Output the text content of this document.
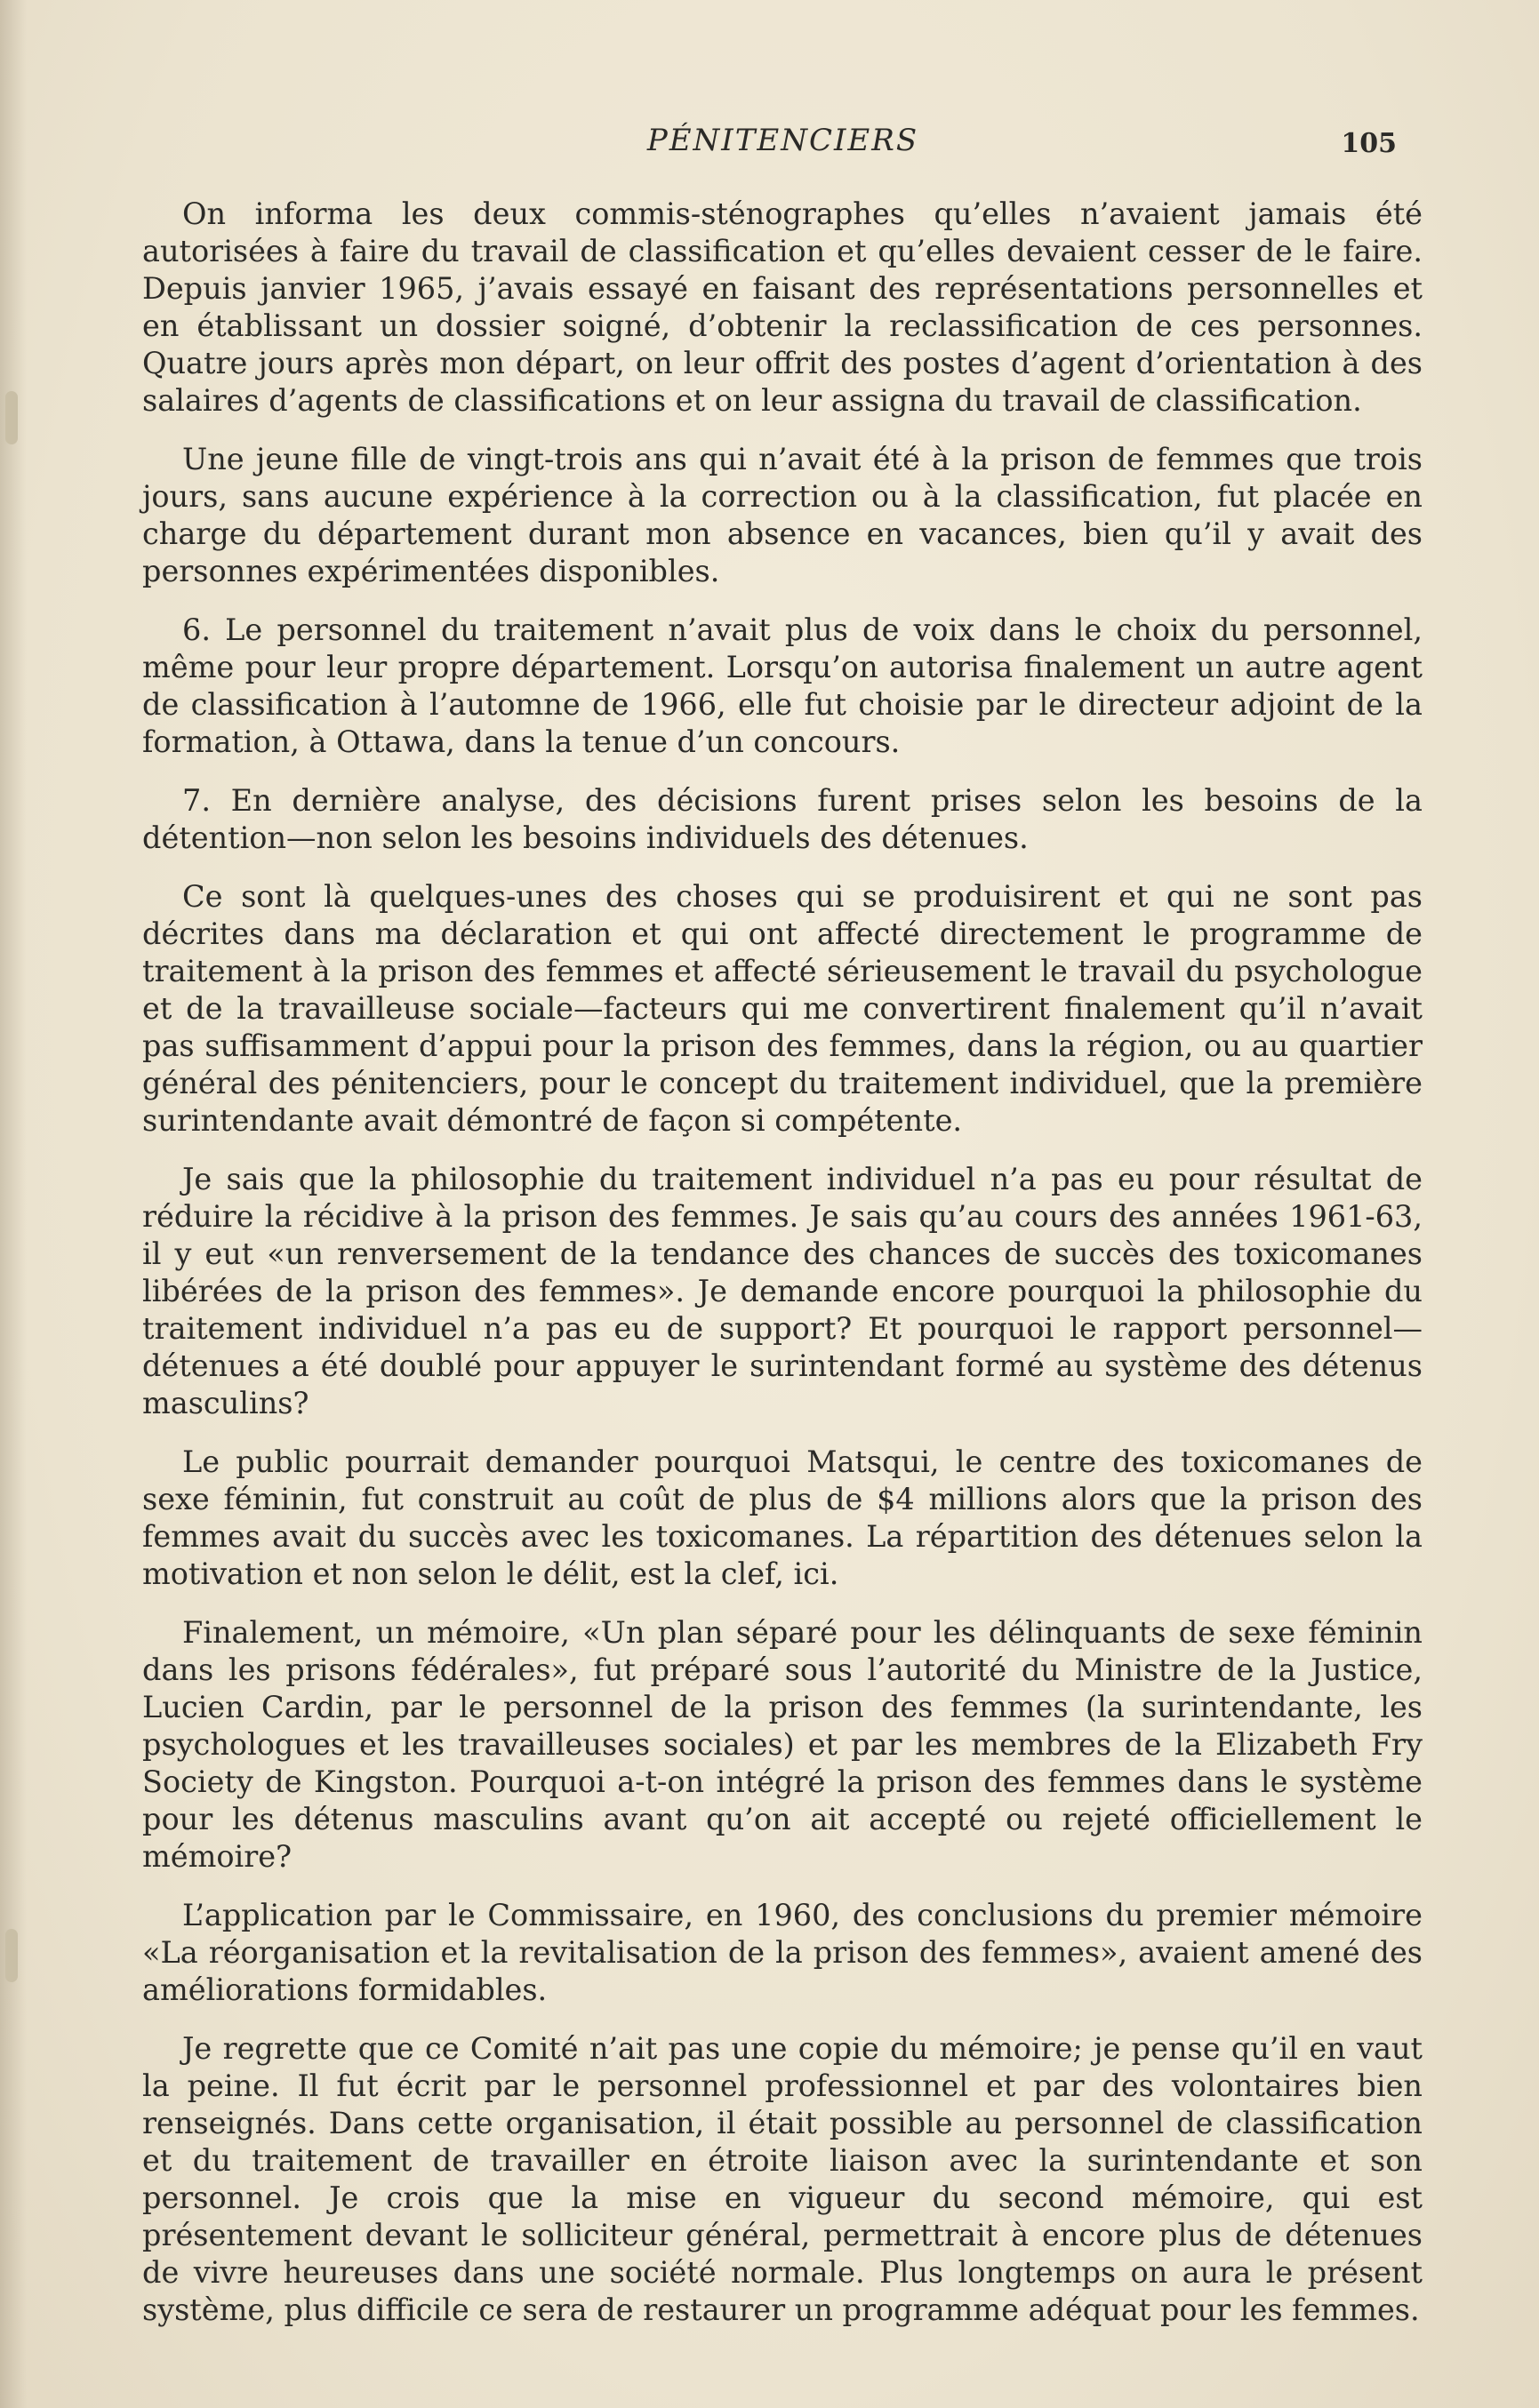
PÉNITENCIERS	105

On informa les deux commis-sténographes qu’elles n’avaient jamais été autorisées à faire du travail de classification et qu’elles devaient cesser de le faire. Depuis janvier 1965, j’avais essayé en faisant des représentations personnelles et en établissant un dossier soigné, d’obtenir la reclassification de ces personnes. Quatre jours après mon départ, on leur offrit des postes d’agent d’orientation à des salaires d’agents de classifications et on leur assigna du travail de classification.

Une jeune fille de vingt-trois ans qui n’avait été à la prison de femmes que trois jours, sans aucune expérience à la correction ou à la classification, fut placée en charge du département durant mon absence en vacances, bien qu’il y avait des personnes expérimentées disponibles.

6. Le personnel du traitement n’avait plus de voix dans le choix du personnel, même pour leur propre département. Lorsqu’on autorisa finalement un autre agent de classification à l’automne de 1966, elle fut choisie par le directeur adjoint de la formation, à Ottawa, dans la tenue d’un concours.

7. En dernière analyse, des décisions furent prises selon les besoins de la détention—non selon les besoins individuels des détenues.

Ce sont là quelques-unes des choses qui se produisirent et qui ne sont pas décrites dans ma déclaration et qui ont affecté directement le programme de traitement à la prison des femmes et affecté sérieusement le travail du psychologue et de la travailleuse sociale—facteurs qui me convertirent finalement qu’il n’avait pas suffisamment d’appui pour la prison des femmes, dans la région, ou au quartier général des pénitenciers, pour le concept du traitement individuel, que la première surintendante avait démontré de façon si compétente.

Je sais que la philosophie du traitement individuel n’a pas eu pour résultat de réduire la récidive à la prison des femmes. Je sais qu’au cours des années 1961-63, il y eut «un renversement de la tendance des chances de succès des toxicomanes libérées de la prison des femmes». Je demande encore pourquoi la philosophie du traitement individuel n’a pas eu de support? Et pourquoi le rapport personnel—détenues a été doublé pour appuyer le surintendant formé au système des détenus masculins?

Le public pourrait demander pourquoi Matsqui, le centre des toxicomanes de sexe féminin, fut construit au coût de plus de $4 millions alors que la prison des femmes avait du succès avec les toxicomanes. La répartition des détenues selon la motivation et non selon le délit, est la clef, ici.

Finalement, un mémoire, «Un plan séparé pour les délinquants de sexe féminin dans les prisons fédérales», fut préparé sous l’autorité du Ministre de la Justice, Lucien Cardin, par le personnel de la prison des femmes (la surintendante, les psychologues et les travailleuses sociales) et par les membres de la Elizabeth Fry Society de Kingston. Pourquoi a-t-on intégré la prison des femmes dans le système pour les détenus masculins avant qu’on ait accepté ou rejeté officiellement le mémoire?

L’application par le Commissaire, en 1960, des conclusions du premier mémoire «La réorganisation et la revitalisation de la prison des femmes», avaient amené des améliorations formidables.

Je regrette que ce Comité n’ait pas une copie du mémoire; je pense qu’il en vaut la peine. Il fut écrit par le personnel professionnel et par des volontaires bien renseignés. Dans cette organisation, il était possible au personnel de classification et du traitement de travailler en étroite liaison avec la surintendante et son personnel. Je crois que la mise en vigueur du second mémoire, qui est présentement devant le solliciteur général, permettrait à encore plus de détenues de vivre heureuses dans une société normale. Plus longtemps on aura le présent système, plus difficile ce sera de restaurer un programme adéquat pour les femmes.
